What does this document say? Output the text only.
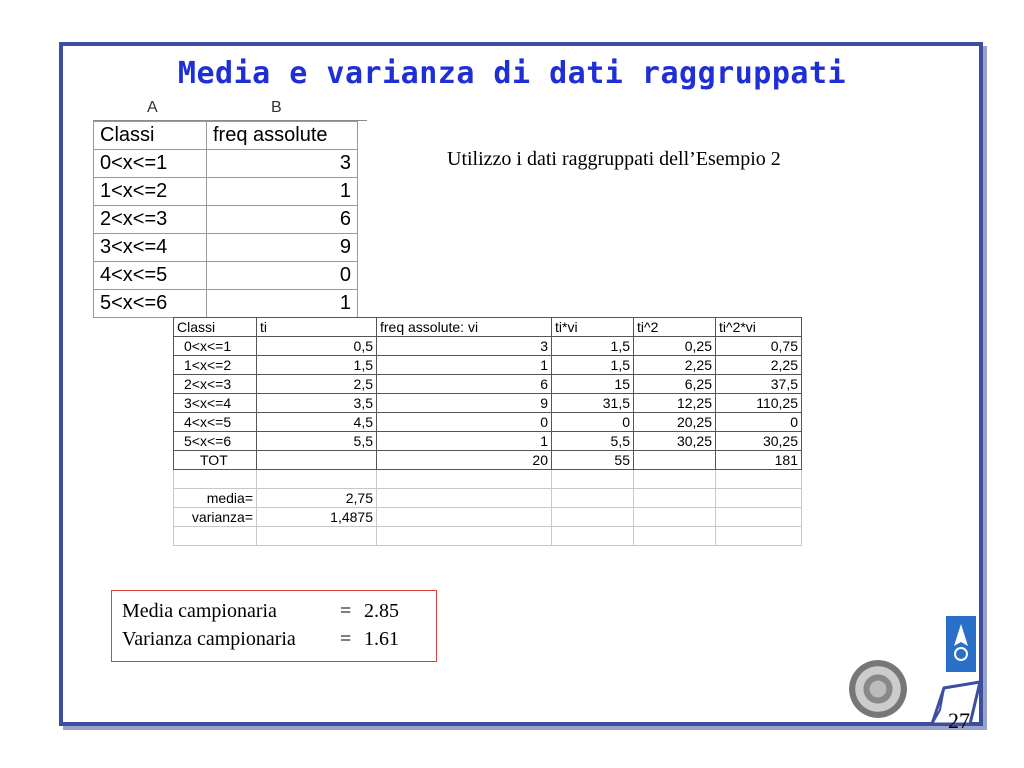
Media e varianza di dati raggruppati
A	B
Classi	freq assolute
0<x<=1	3
1<x<=2	1
2<x<=3	6
3<x<=4	9
4<x<=5	0
5<x<=6	1
Utilizzo i dati raggruppati dell’Esempio 2
Classi	ti	freq assolute: vi	ti*vi	ti^2	ti^2*vi
0<x<=1	0,5	3	1,5	0,25	0,75
1<x<=2	1,5	1	1,5	2,25	2,25
2<x<=3	2,5	6	15	6,25	37,5
3<x<=4	3,5	9	31,5	12,25	110,25
4<x<=5	4,5	0	0	20,25	0
5<x<=6	5,5	1	5,5	30,25	30,25
TOT		20	55		181

media=	2,75				
varianza=	1,4875				

Media campionaria	= 2.85
Varianza campionaria	= 1.61
27
